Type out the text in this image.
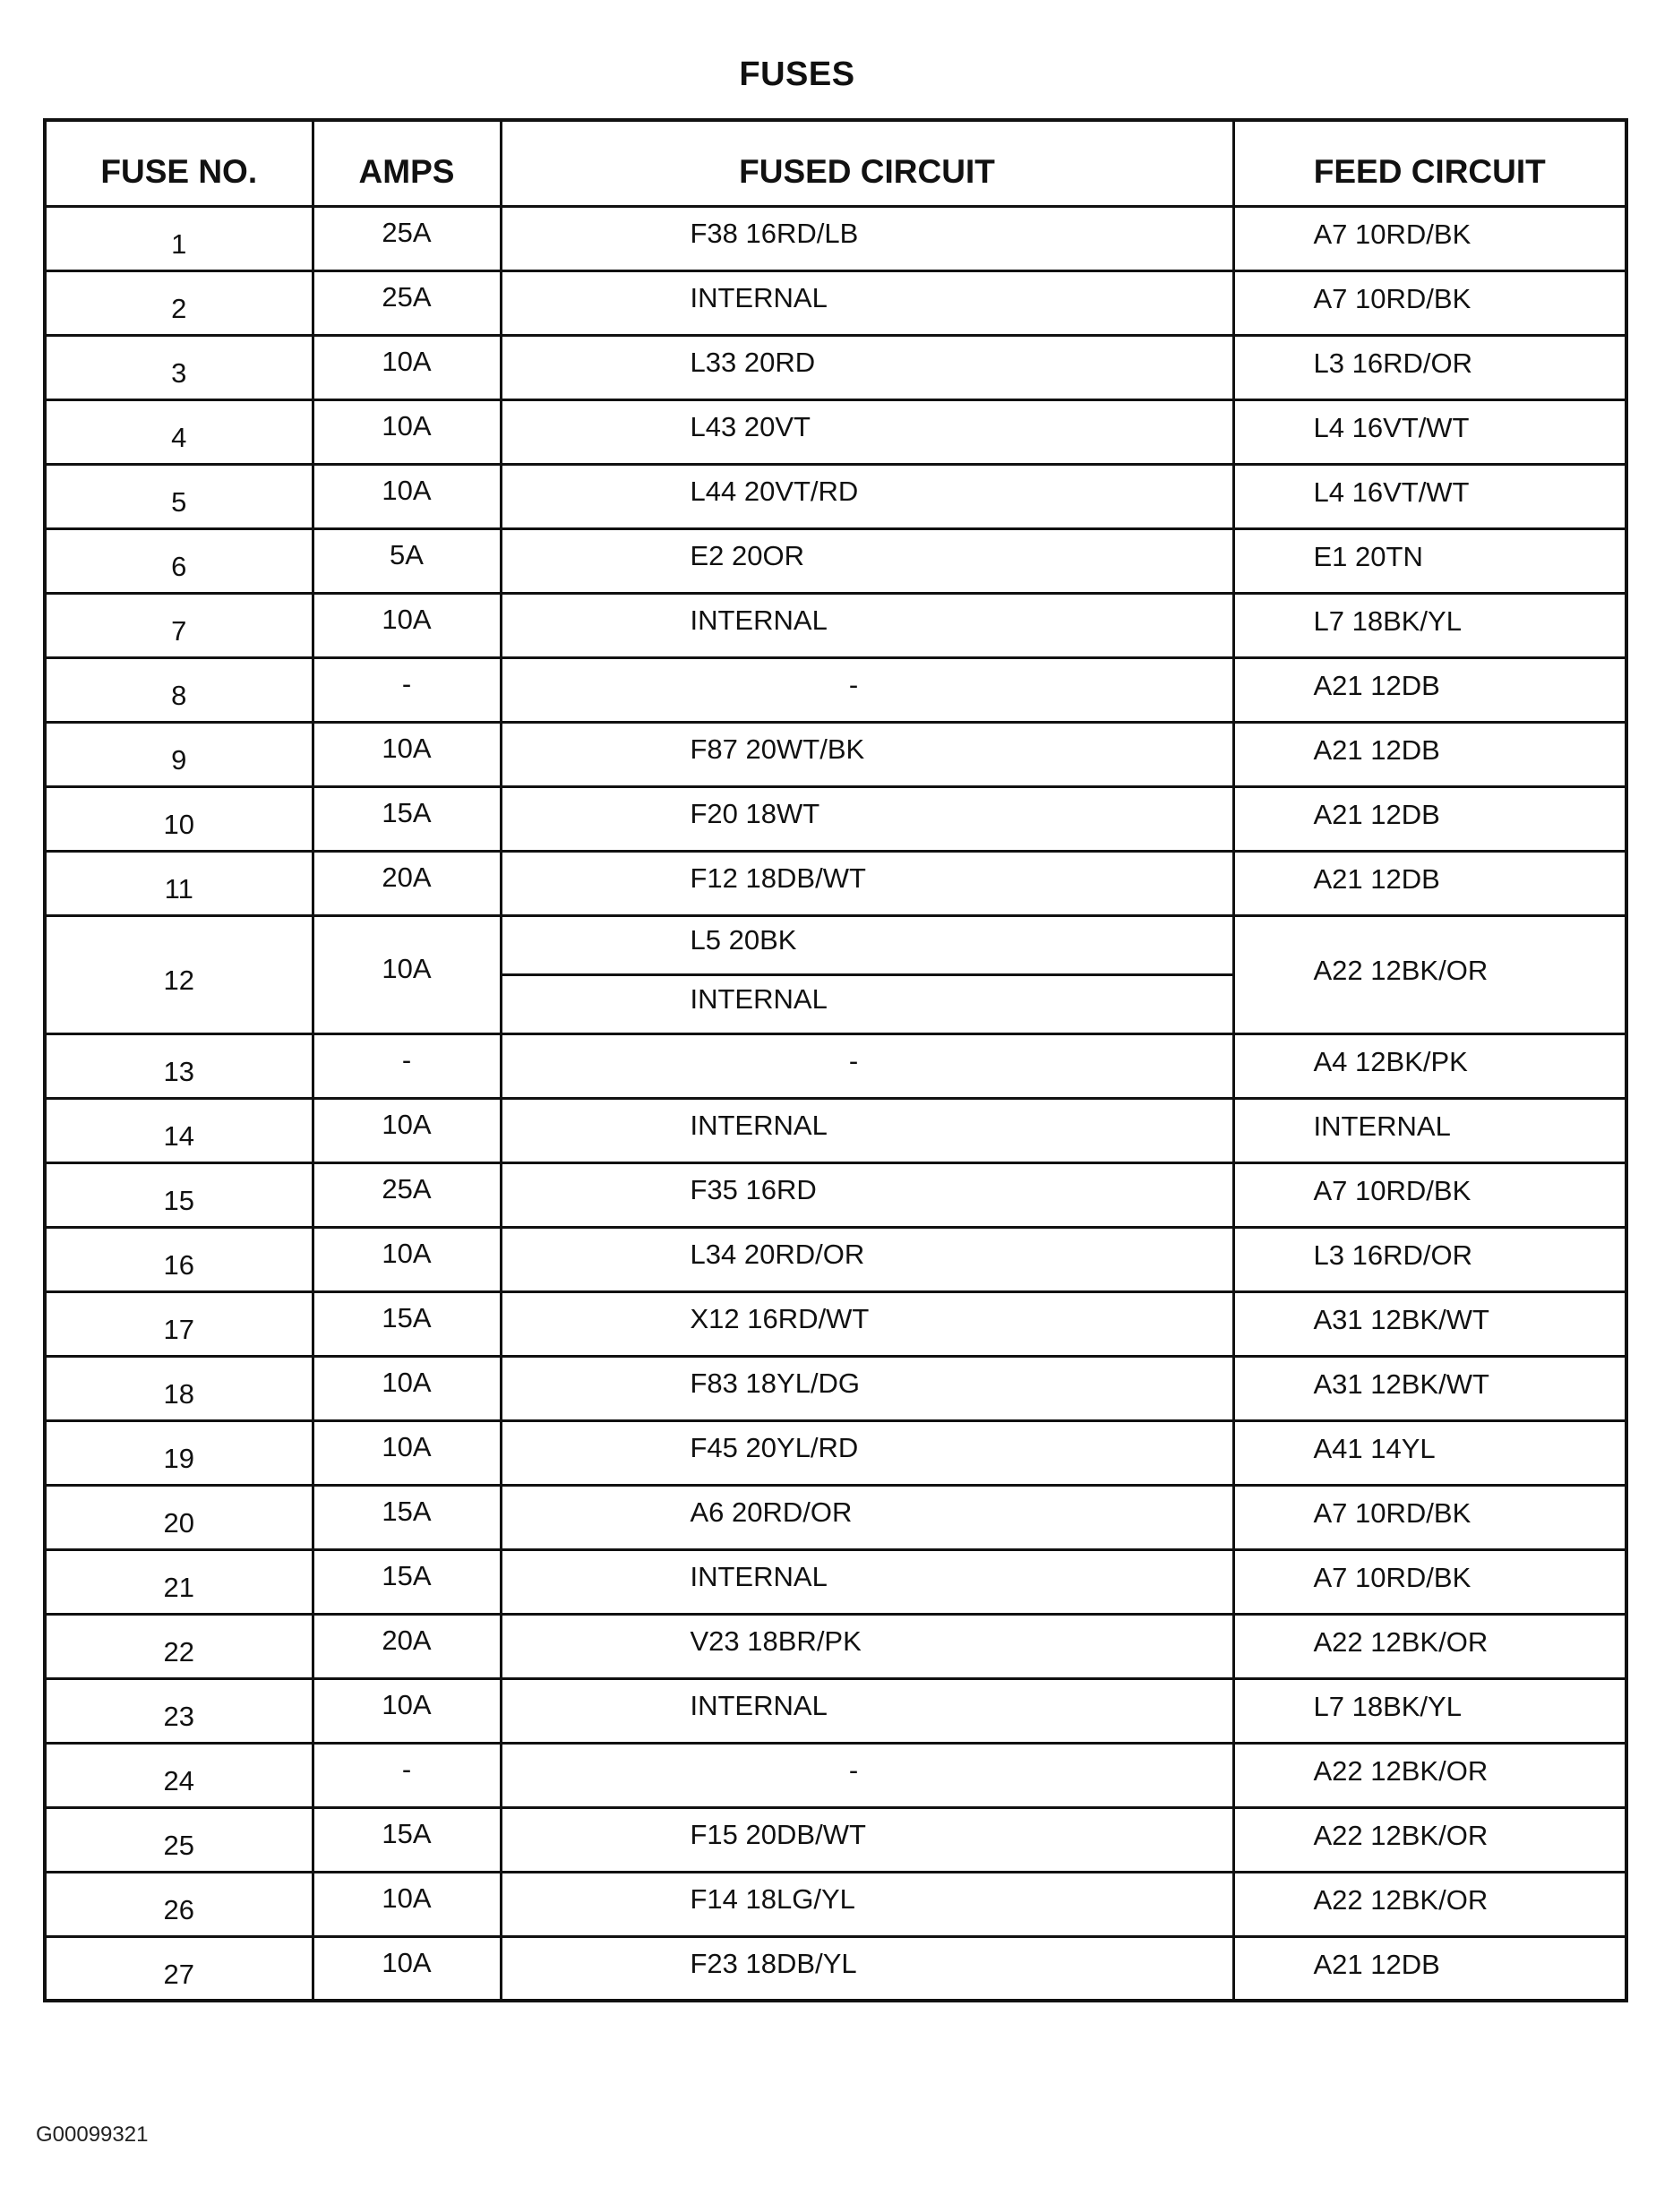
FUSES
FUSE NO.	AMPS	FUSED CIRCUIT	FEED CIRCUIT
1	25A	F38 16RD/LB	A7 10RD/BK
2	25A	INTERNAL	A7 10RD/BK
3	10A	L33 20RD	L3 16RD/OR
4	10A	L43 20VT	L4 16VT/WT
5	10A	L44 20VT/RD	L4 16VT/WT
6	5A	E2 20OR	E1 20TN
7	10A	INTERNAL	L7 18BK/YL
8	-	-	A21 12DB
9	10A	F87 20WT/BK	A21 12DB
10	15A	F20 18WT	A21 12DB
11	20A	F12 18DB/WT	A21 12DB
12	10A	L5 20BK	A22 12BK/OR
		INTERNAL	
13	-	-	A4 12BK/PK
14	10A	INTERNAL	INTERNAL
15	25A	F35 16RD	A7 10RD/BK
16	10A	L34 20RD/OR	L3 16RD/OR
17	15A	X12 16RD/WT	A31 12BK/WT
18	10A	F83 18YL/DG	A31 12BK/WT
19	10A	F45 20YL/RD	A41 14YL
20	15A	A6 20RD/OR	A7 10RD/BK
21	15A	INTERNAL	A7 10RD/BK
22	20A	V23 18BR/PK	A22 12BK/OR
23	10A	INTERNAL	L7 18BK/YL
24	-	-	A22 12BK/OR
25	15A	F15 20DB/WT	A22 12BK/OR
26	10A	F14 18LG/YL	A22 12BK/OR
27	10A	F23 18DB/YL	A21 12DB
G00099321
